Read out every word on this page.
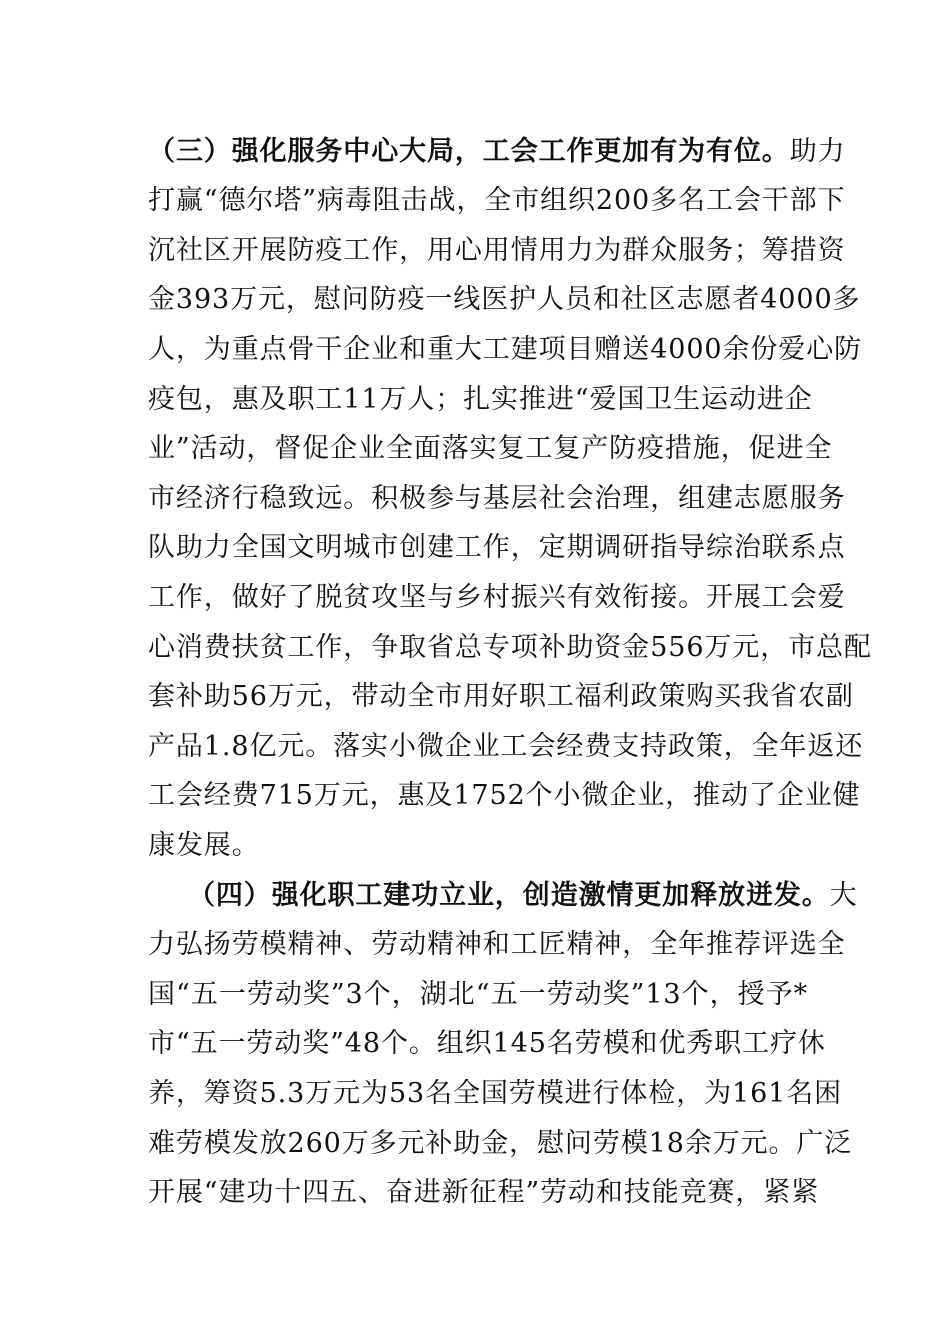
（三）强化服务中心大局，工会工作更加有为有位。助力
打赢“德尔塔”病毒阻击战，全市组织200多名工会干部下
沉社区开展防疫工作，用心用情用力为群众服务；筹措资
金393万元，慰问防疫一线医护人员和社区志愿者4000多
人，为重点骨干企业和重大工建项目赠送4000余份爱心防
疫包，惠及职工11万人；扎实推进“爱国卫生运动进企
业”活动，督促企业全面落实复工复产防疫措施，促进全
市经济行稳致远。积极参与基层社会治理，组建志愿服务
队助力全国文明城市创建工作，定期调研指导综治联系点
工作，做好了脱贫攻坚与乡村振兴有效衔接。开展工会爱
心消费扶贫工作，争取省总专项补助资金556万元，市总配
套补助56万元，带动全市用好职工福利政策购买我省农副
产品1.8亿元。落实小微企业工会经费支持政策，全年返还
工会经费715万元，惠及1752个小微企业，推动了企业健
康发展。
（四）强化职工建功立业，创造激情更加释放迸发。大
力弘扬劳模精神、劳动精神和工匠精神，全年推荐评选全
国“五一劳动奖”3个，湖北“五一劳动奖”13个，授予*
市“五一劳动奖”48个。组织145名劳模和优秀职工疗休
养，筹资5.3万元为53名全国劳模进行体检，为161名困
难劳模发放260万多元补助金，慰问劳模18余万元。广泛
开展“建功十四五、奋进新征程”劳动和技能竞赛，紧紧
